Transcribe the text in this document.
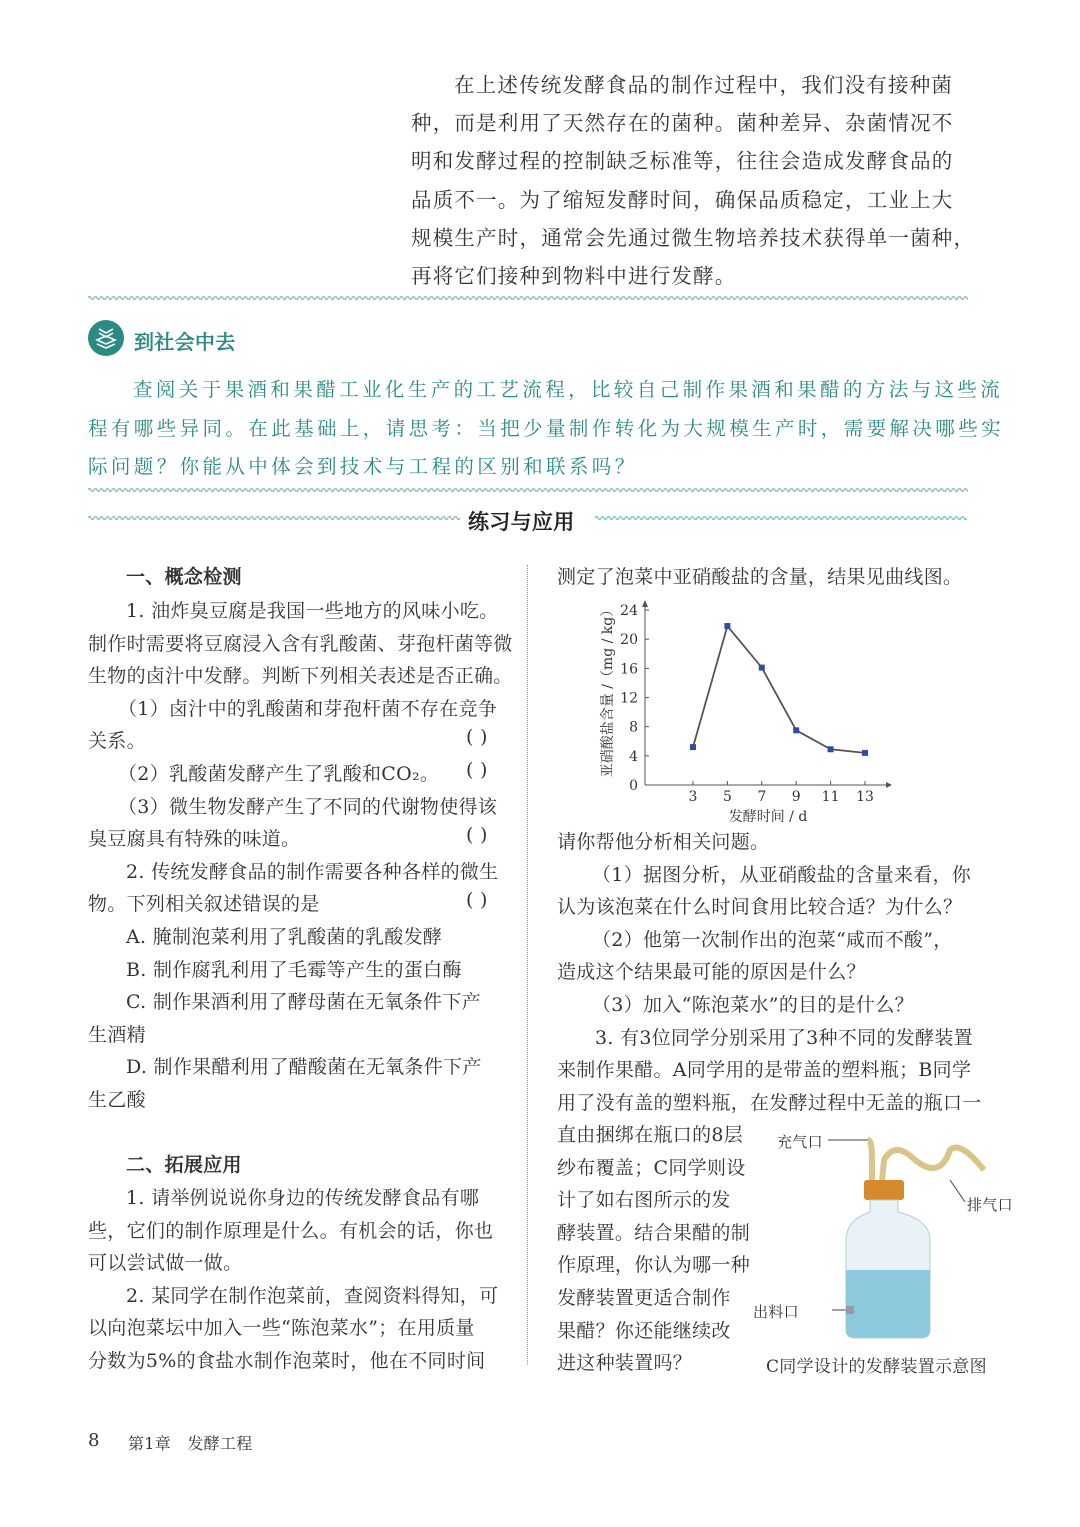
到社会中去
练习与应用
0
4
8
12
16
20
24
3 5 7 9 11 13
发酵时间 / d
亚硝酸盐含量 /（mg / kg）
充气口
排气口
出料口
C同学设计的发酵装置示意图
8 第1章　发酵工程
在上述传统发酵食品的制作过程中，我们没有接种菌
种，而是利用了天然存在的菌种。菌种差异、杂菌情况不
明和发酵过程的控制缺乏标准等，往往会造成发酵食品的
品质不一。为了缩短发酵时间，确保品质稳定，工业上大
规模生产时，通常会先通过微生物培养技术获得单一菌种，
再将它们接种到物料中进行发酵。
查阅关于果酒和果醋工业化生产的工艺流程，比较自己制作果酒和果醋的方法与这些流
程有哪些异同。在此基础上，请思考：当把少量制作转化为大规模生产时，需要解决哪些实
际问题？你能从中体会到技术与工程的区别和联系吗？
一、概念检测
1. 油炸臭豆腐是我国一些地方的风味小吃。
制作时需要将豆腐浸入含有乳酸菌、芽孢杆菌等微
生物的卤汁中发酵。判断下列相关表述是否正确。
（1）卤汁中的乳酸菌和芽孢杆菌不存在竞争
关系。
（2）乳酸菌发酵产生了乳酸和CO₂。
（3）微生物发酵产生了不同的代谢物使得该
臭豆腐具有特殊的味道。
2. 传统发酵食品的制作需要各种各样的微生
物。下列相关叙述错误的是
A. 腌制泡菜利用了乳酸菌的乳酸发酵
B. 制作腐乳利用了毛霉等产生的蛋白酶
C. 制作果酒利用了酵母菌在无氧条件下产
生酒精
D. 制作果醋利用了醋酸菌在无氧条件下产
生乙酸
( )
( )
( )
( )
二、拓展应用
1. 请举例说说你身边的传统发酵食品有哪
些，它们的制作原理是什么。有机会的话，你也
可以尝试做一做。
2. 某同学在制作泡菜前，查阅资料得知，可
以向泡菜坛中加入一些“陈泡菜水”；在用质量
分数为5%的食盐水制作泡菜时，他在不同时间
测定了泡菜中亚硝酸盐的含量，结果见曲线图。
请你帮他分析相关问题。
（1）据图分析，从亚硝酸盐的含量来看，你
认为该泡菜在什么时间食用比较合适？为什么？
（2）他第一次制作出的泡菜“咸而不酸”，
造成这个结果最可能的原因是什么？
（3）加入“陈泡菜水”的目的是什么？
3. 有3位同学分别采用了3种不同的发酵装置
来制作果醋。A同学用的是带盖的塑料瓶；B同学
用了没有盖的塑料瓶，在发酵过程中无盖的瓶口一
直由捆绑在瓶口的8层
纱布覆盖；C同学则设
计了如右图所示的发
酵装置。结合果醋的制
作原理，你认为哪一种
发酵装置更适合制作
果醋？你还能继续改
进这种装置吗？
